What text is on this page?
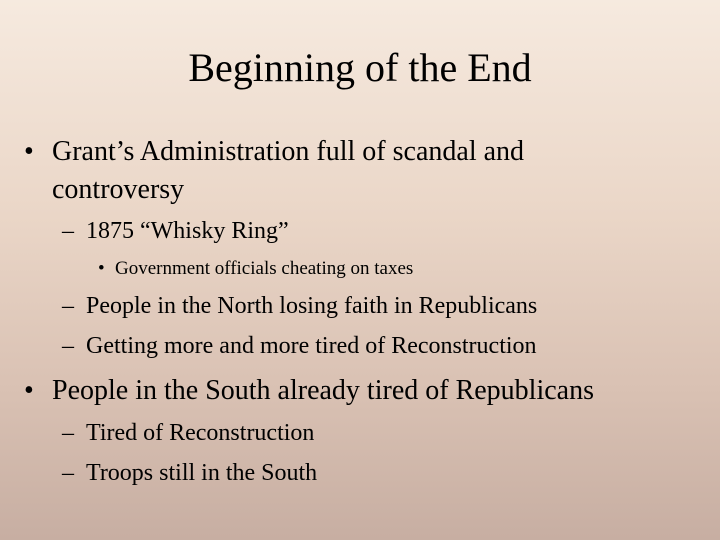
Beginning of the End
• Grant’s Administration full of scandal and controversy
– 1875 “Whisky Ring”
• Government officials cheating on taxes
– People in the North losing faith in Republicans
– Getting more and more tired of Reconstruction
• People in the South already tired of Republicans
– Tired of Reconstruction
– Troops still in the South
